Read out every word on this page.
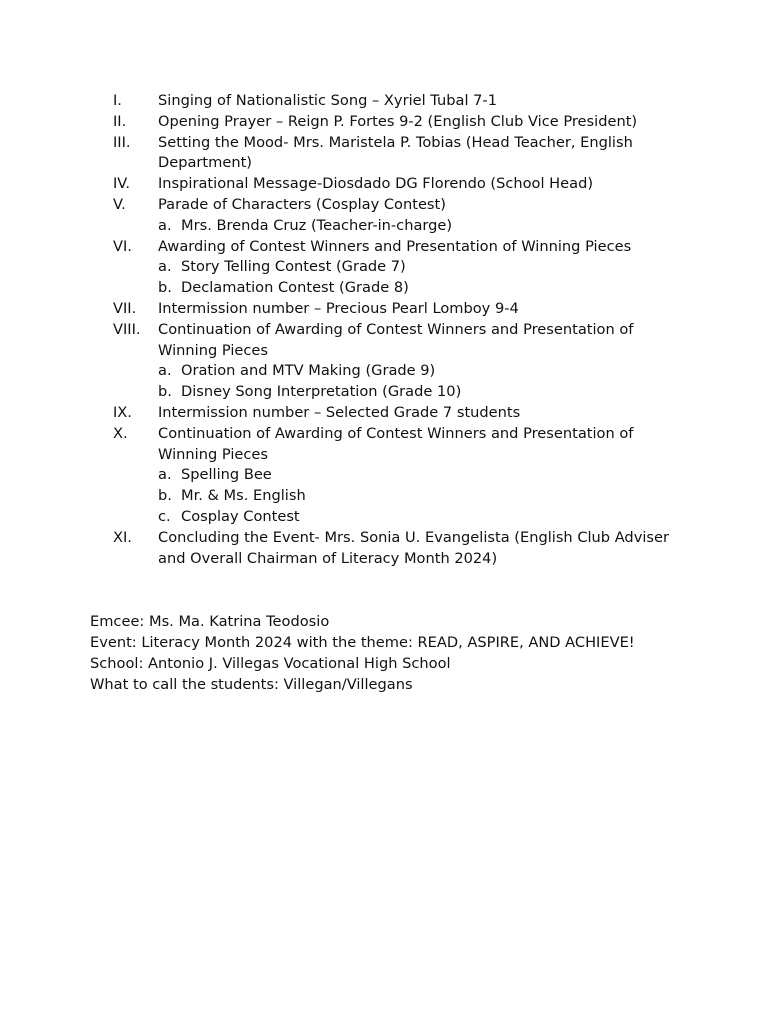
I.	Singing of Nationalistic Song – Xyriel Tubal 7-1
II.	Opening Prayer – Reign P. Fortes 9-2 (English Club Vice President)
III.	Setting the Mood- Mrs. Maristela P. Tobias (Head Teacher, English Department)
IV.	Inspirational Message-Diosdado DG Florendo (School Head)
V.	Parade of Characters (Cosplay Contest)
a. Mrs. Brenda Cruz (Teacher-in-charge)
VI.	Awarding of Contest Winners and Presentation of Winning Pieces
a. Story Telling Contest (Grade 7)
b. Declamation Contest (Grade 8)
VII.	Intermission number – Precious Pearl Lomboy 9-4
VIII.	Continuation of Awarding of Contest Winners and Presentation of Winning Pieces
a. Oration and MTV Making (Grade 9)
b. Disney Song Interpretation (Grade 10)
IX.	Intermission number – Selected Grade 7 students
X.	Continuation of Awarding of Contest Winners and Presentation of Winning Pieces
a. Spelling Bee
b. Mr. & Ms. English
c. Cosplay Contest
XI.	Concluding the Event- Mrs. Sonia U. Evangelista (English Club Adviser and Overall Chairman of Literacy Month 2024)
Emcee: Ms. Ma. Katrina Teodosio
Event: Literacy Month 2024 with the theme: READ, ASPIRE, AND ACHIEVE!
School: Antonio J. Villegas Vocational High School
What to call the students: Villegan/Villegans
